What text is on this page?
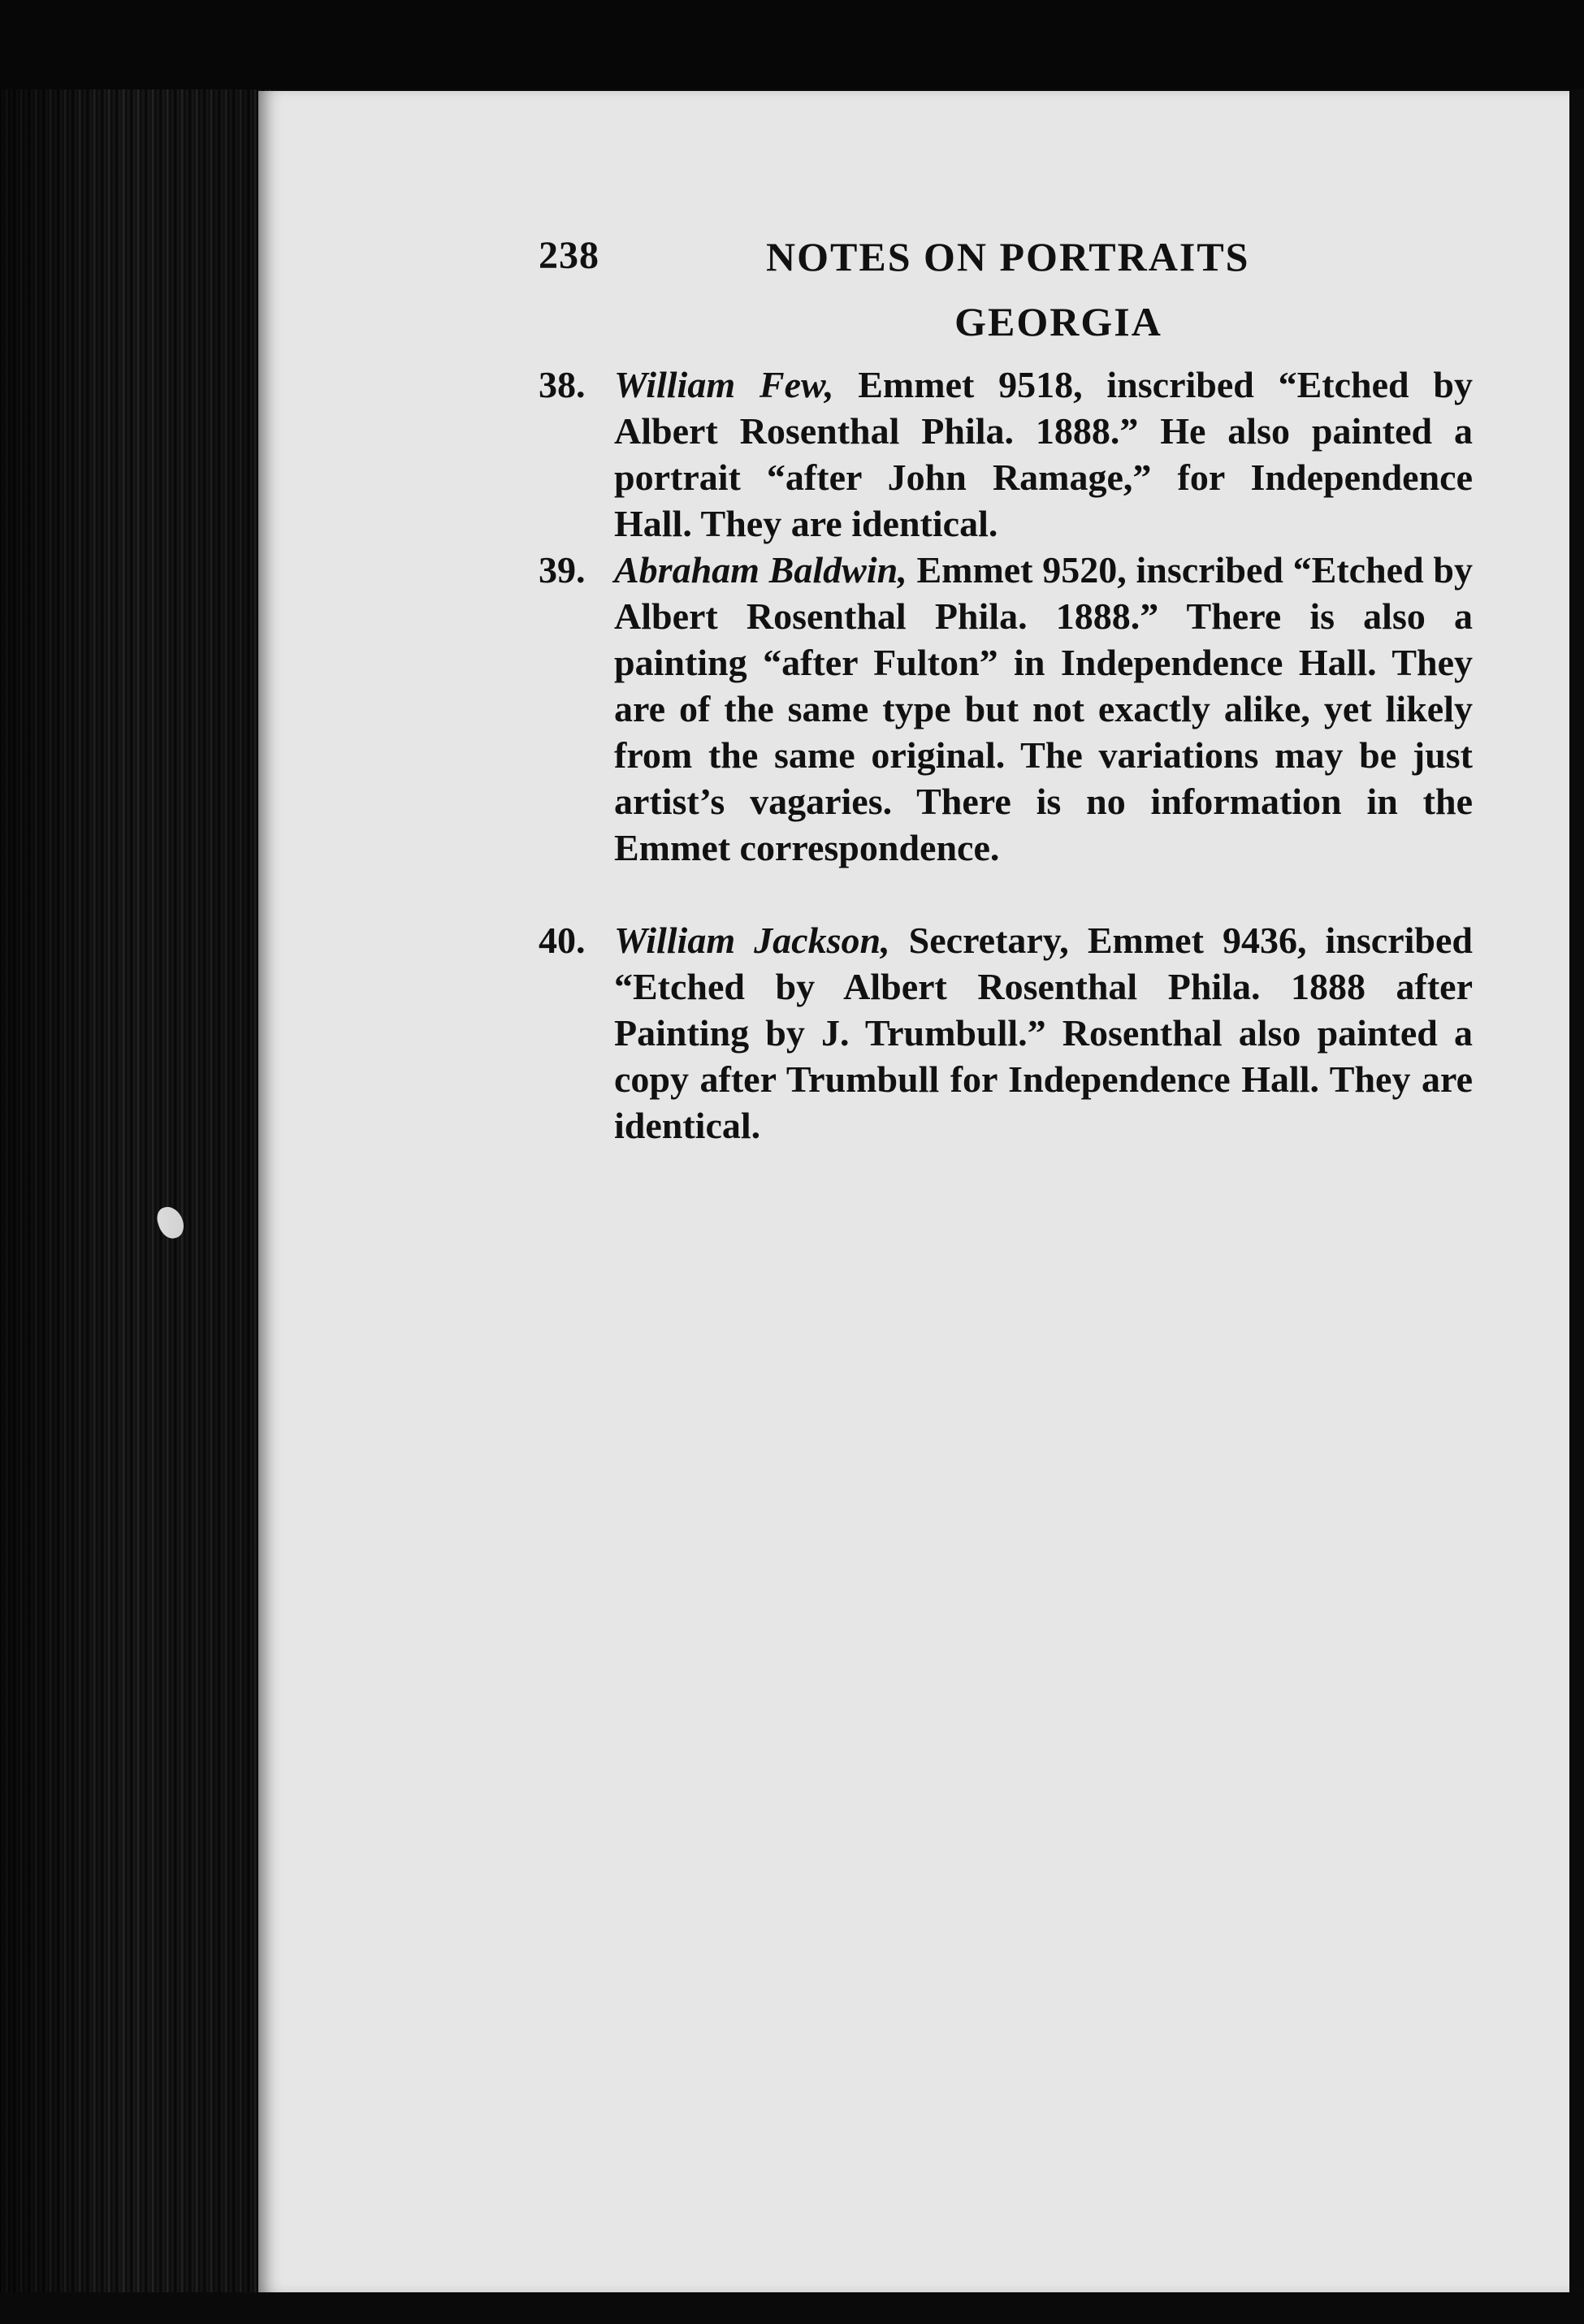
238	NOTES ON PORTRAITS
GEORGIA

38. William Few, Emmet 9518, inscribed “Etched by Albert Rosenthal Phila. 1888.” He also painted a portrait “after John Ramage,” for Independence Hall. They are identical.

39. Abraham Baldwin, Emmet 9520, inscribed “Etched by Albert Rosenthal Phila. 1888.” There is also a painting “after Fulton” in Independence Hall. They are of the same type but not exactly alike, yet likely from the same original. The variations may be just artist’s vagaries. There is no information in the Emmet correspondence.

40. William Jackson, Secretary, Emmet 9436, inscribed “Etched by Albert Rosenthal Phila. 1888 after Painting by J. Trumbull.” Rosenthal also painted a copy after Trumbull for Independence Hall. They are identical.
